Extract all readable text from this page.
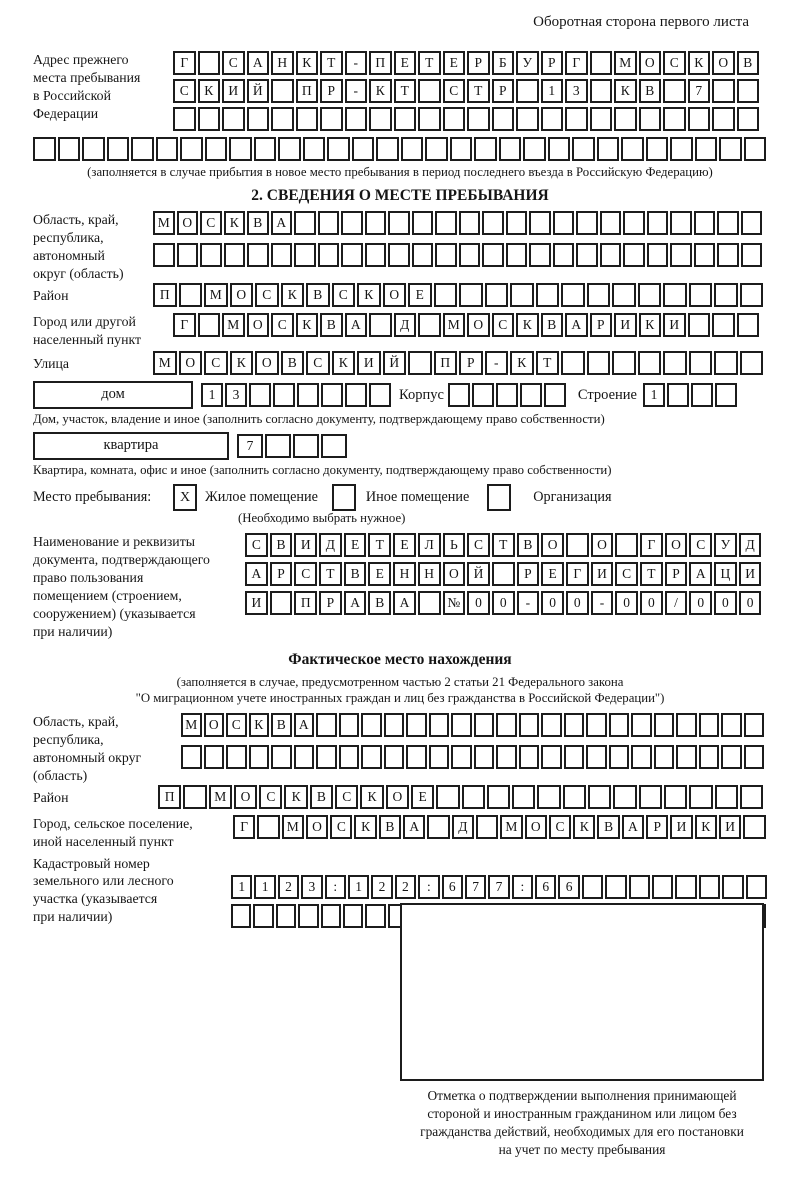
Оборотная сторона первого листа
Адрес прежнего
места пребывания
в Российской
Федерации
Г	С	А	Н	К	Т	-	П	Е	Т	Е	Р	Б	У	Р	Г	М	О	С	К	О	В
С	К	И	Й	П	Р	-	К	Т	С	Т	Р	1	3	К	В	7
(заполняется в случае прибытия в новое место пребывания в период последнего въезда в Российскую Федерацию)
2. СВЕДЕНИЯ О МЕСТЕ ПРЕБЫВАНИЯ
Область, край,
республика,
автономный
округ (область)
М О	С	К	В	А
Район	П	М	О	С	К	В	С	К	О	Е
Город или другой
населенный пункт
Г	М	О	С	К	В	А	Д	М	О	С	К	В	А	Р	И	К	И
Улица	М	О	С	К	О	В	С	К	И	Й	П	Р	-	К	Т
дом	1	3	Корпус	Строение	1
Дом, участок, владение и иное (заполнить согласно документу, подтверждающему право собственности)
квартира	7
Квартира, комната, офис и иное (заполнить согласно документу, подтверждающему право собственности)
Место пребывания:	X	Жилое помещение	Иное помещение	Организация
(Необходимо выбрать нужное)
Наименование и реквизиты
документа, подтверждающего
право пользования
помещением (строением,
сооружением) (указывается
при наличии)
С	В	И	Д	Е	Т	Е	Л	Ь	С	Т	В	О	О	Г	О	С	У	Д
А	Р	С	Т	В	Е	Н	Н	О	Й	Р	Е	Г	И	С	Т	Р	А	Ц	И
И	П	Р	А	В	А	№	0	0	-	0	0	-	0	0	/	0	0	0
Фактическое место нахождения
(заполняется в случае, предусмотренном частью 2 статьи 21 Федерального закона
"О миграционном учете иностранных граждан и лиц без гражданства в Российской Федерации")
Область, край,
республика,
автономный округ
(область)
М О С К В А
Район	П	М	О	С	К	В	С	К	О	Е
Город, сельское поселение,
иной населенный пункт
Г	М О	С	К	В	А	Д	М О	С	К	В	А	Р	И	К	И
Кадастровый номер
земельного или лесного
участка (указывается
при наличии)
1	1	2	3	:	1	2	2	:	6	7	7	:	6	6
Отметка о подтверждении выполнения принимающей
стороной и иностранным гражданином или лицом без
гражданства действий, необходимых для его постановки
на учет по месту пребывания
